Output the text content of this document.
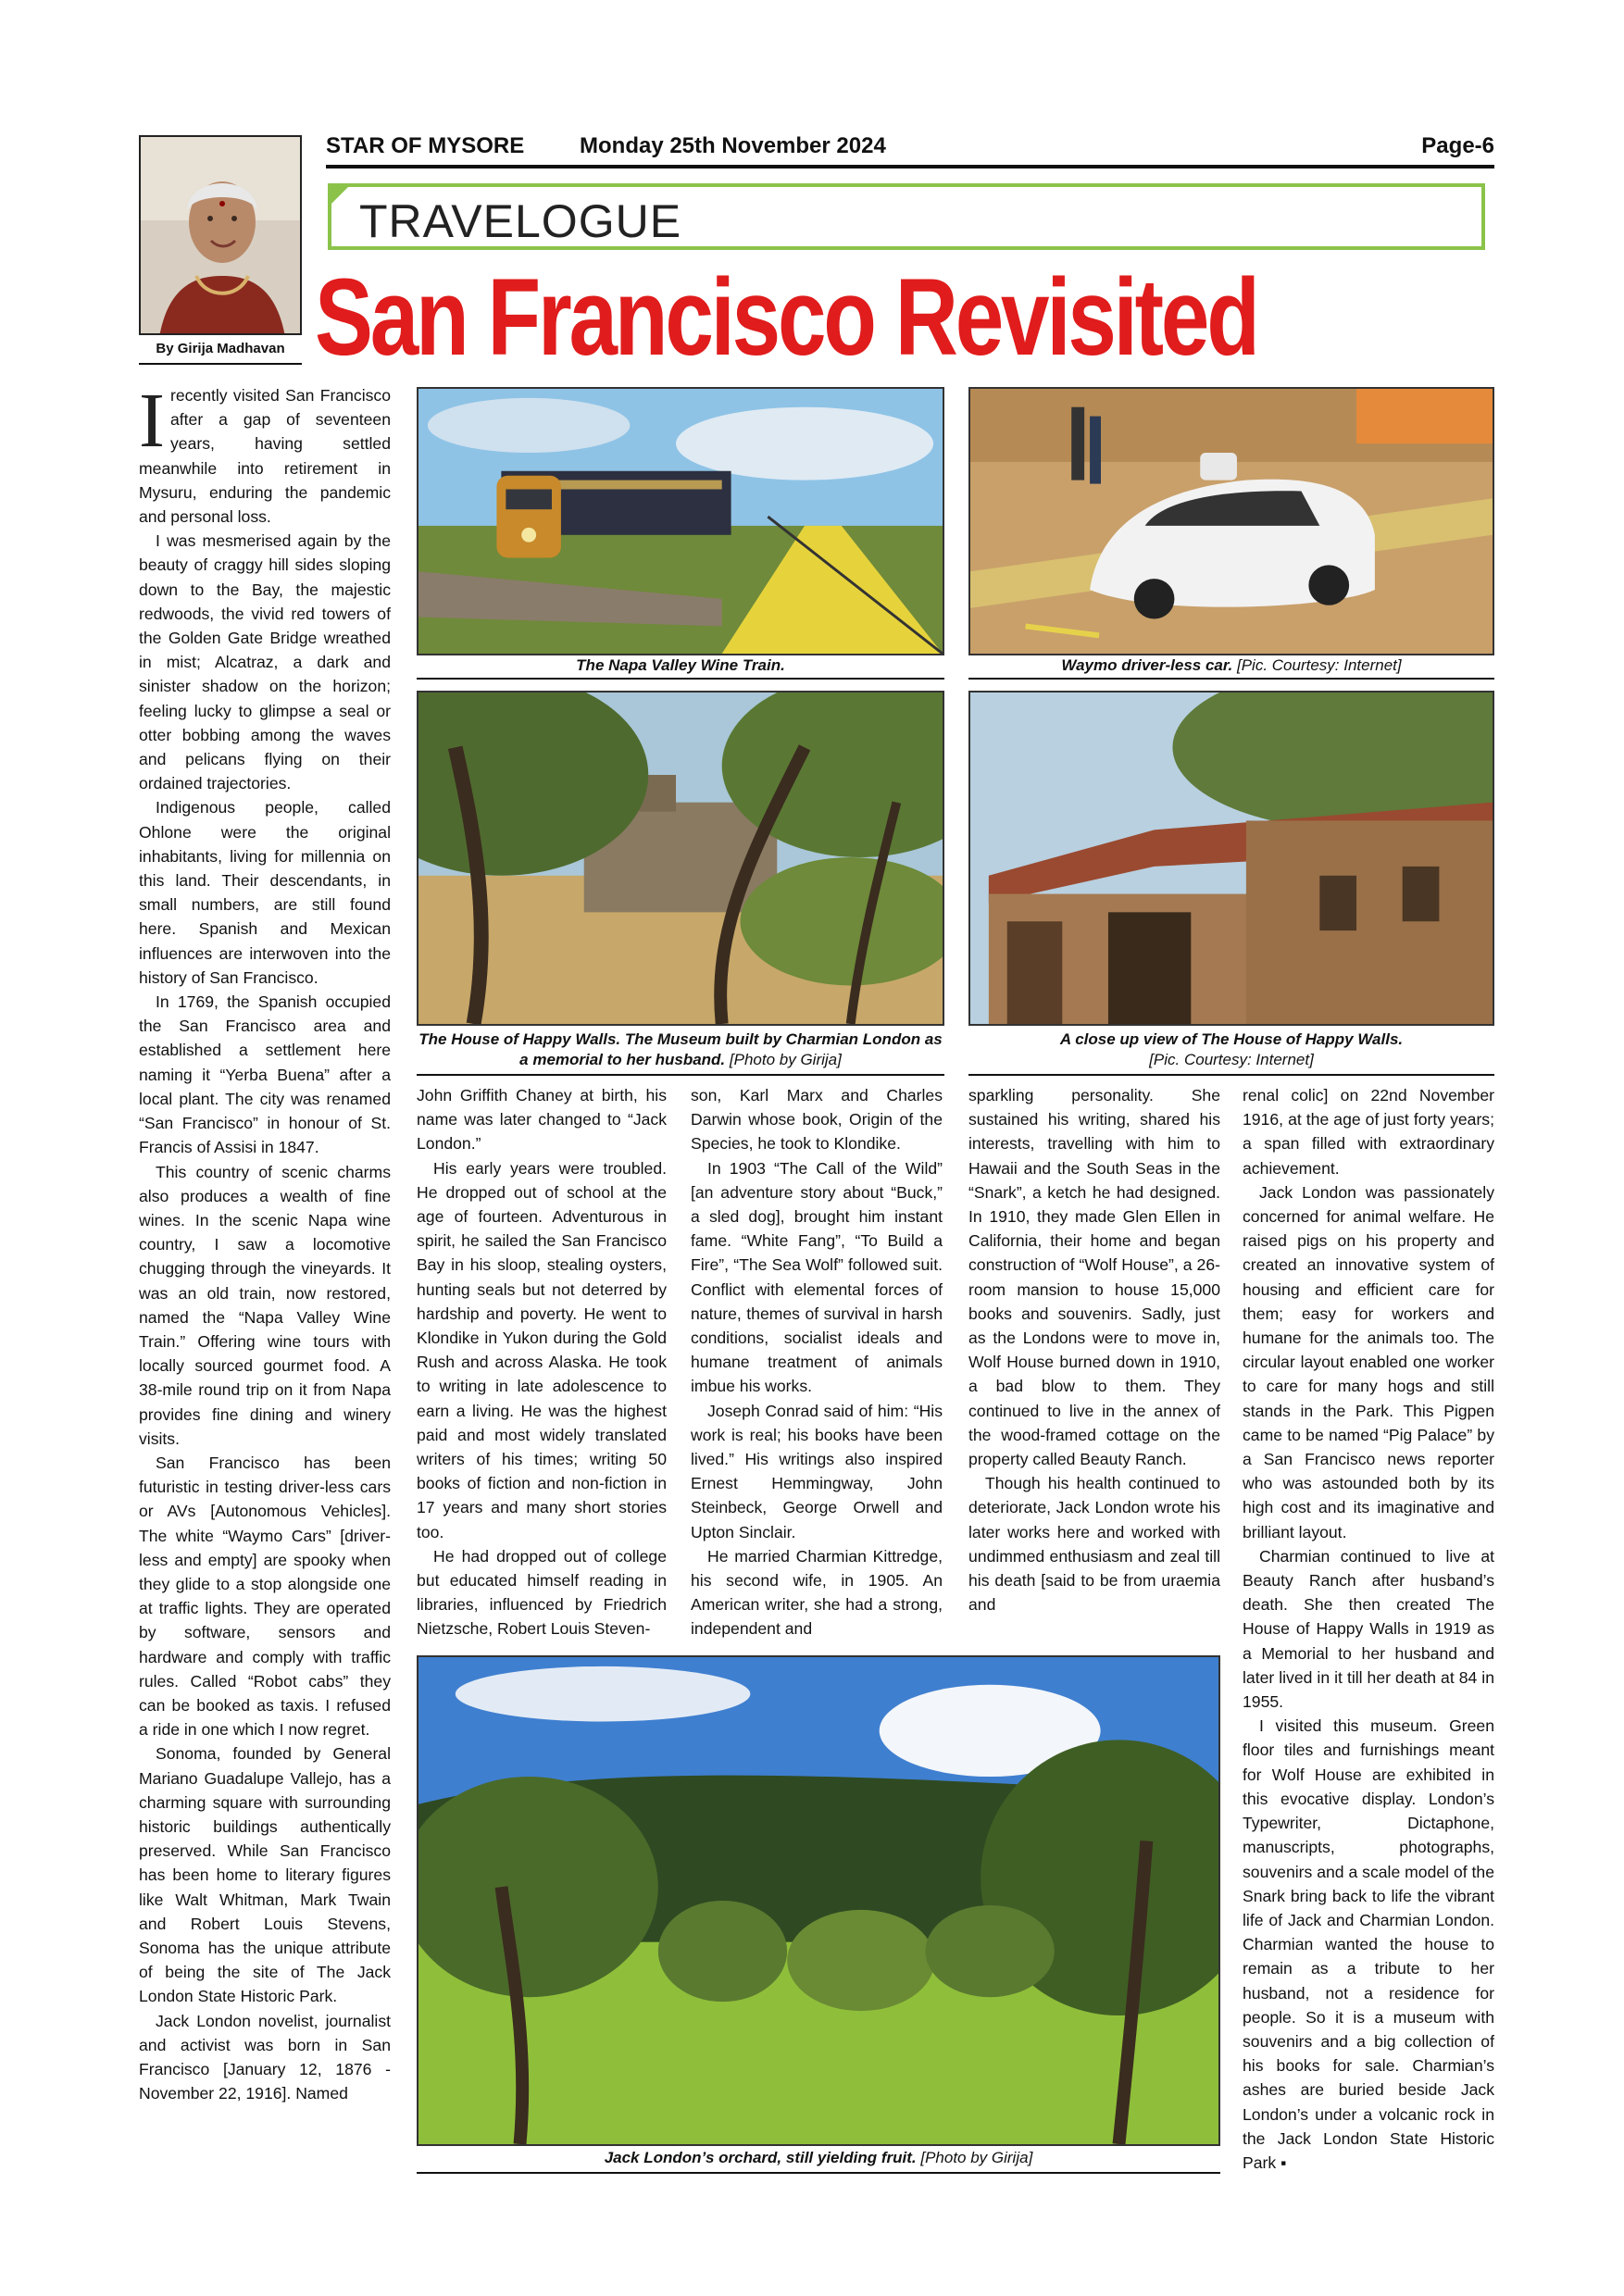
STAR OF MYSORE Monday 25th November 2024	Page-6
TRAVELOGUE
San Francisco Revisited
By Girija Madhavan
The Napa Valley Wine Train.	Waymo driver-less car. [Pic. Courtesy: Internet]
The House of Happy Walls. The Museum built by Charmian London as a memorial to her husband. [Photo by Girija]
A close up view of The House of Happy Walls.
[Pic. Courtesy: Internet]
Jack London’s orchard, still yielding fruit. [Photo by Girija]

Irecently visited San Francisco after a gap of seventeen years, having settled meanwhile into retirement in Mysuru, enduring the pandemic and personal loss.

I was mesmerised again by the beauty of craggy hill sides sloping down to the Bay, the majestic redwoods, the vivid red towers of the Golden Gate Bridge wreathed in mist; Alcatraz, a dark and sinister shadow on the horizon; feeling lucky to glimpse a seal or otter bobbing among the waves and pelicans flying on their ordained trajectories.

Indigenous people, called Ohlone were the original inhabitants, living for millennia on this land. Their descendants, in small numbers, are still found here. Spanish and Mexican influences are interwoven into the history of San Francisco.

In 1769, the Spanish occupied the San Francisco area and established a settlement here naming it “Yerba Buena” after a local plant. The city was renamed “San Francisco” in honour of St. Francis of Assisi in 1847.

This country of scenic charms also produces a wealth of fine wines. In the scenic Napa wine country, I saw a locomotive chugging through the vineyards. It was an old train, now restored, named the “Napa Valley Wine Train.” Offering wine tours with locally sourced gourmet food. A 38-mile round trip on it from Napa provides fine dining and winery visits.

San Francisco has been futuristic in testing driver-less cars or AVs [Autonomous Vehicles]. The white “Waymo Cars” [driver-less and empty] are spooky when they glide to a stop alongside one at traffic lights. They are operated by software, sensors and hardware and comply with traffic rules. Called “Robot cabs” they can be booked as taxis. I refused a ride in one which I now regret.

Sonoma, founded by General Mariano Guadalupe Vallejo, has a charming square with surrounding historic buildings authentically preserved. While San Francisco has been home to literary figures like Walt Whitman, Mark Twain and Robert Louis Stevens, Sonoma has the unique attribute of being the site of The Jack London State Historic Park.

Jack London novelist, journalist and activist was born in San Francisco [January 12, 1876 - November 22, 1916]. Named

John Griffith Chaney at birth, his name was later changed to “Jack London.”

His early years were troubled. He dropped out of school at the age of fourteen. Adventurous in spirit, he sailed the San Francisco Bay in his sloop, stealing oysters, hunting seals but not deterred by hardship and poverty. He went to Klondike in Yukon during the Gold Rush and across Alaska. He took to writing in late adolescence to earn a living. He was the highest paid and most widely translated writers of his times; writing 50 books of fiction and non-fiction in 17 years and many short stories too.

He had dropped out of college but educated himself reading in libraries, influenced by Friedrich Nietzsche, Robert Louis Steven-

son, Karl Marx and Charles Darwin whose book, Origin of the Species, he took to Klondike.

In 1903 “The Call of the Wild” [an adventure story about “Buck,” a sled dog], brought him instant fame. “White Fang”, “To Build a Fire”, “The Sea Wolf” followed suit. Conflict with elemental forces of nature, themes of survival in harsh conditions, socialist ideals and humane treatment of animals imbue his works.

Joseph Conrad said of him: “His work is real; his books have been lived.” His writings also inspired Ernest Hemmingway, John Steinbeck, George Orwell and Upton Sinclair.

He married Charmian Kittredge, his second wife, in 1905. An American writer, she had a strong, independent and

sparkling personality. She sustained his writing, shared his interests, travelling with him to Hawaii and the South Seas in the “Snark”, a ketch he had designed. In 1910, they made Glen Ellen in California, their home and began construction of “Wolf House”, a 26-room mansion to house 15,000 books and souvenirs. Sadly, just as the Londons were to move in, Wolf House burned down in 1910, a bad blow to them. They continued to live in the annex of the wood-framed cottage on the property called Beauty Ranch.

Though his health continued to deteriorate, Jack London wrote his later works here and worked with undimmed enthusiasm and zeal till his death [said to be from uraemia and

renal colic] on 22nd November 1916, at the age of just forty years; a span filled with extraordinary achievement.

Jack London was passionately concerned for animal welfare. He raised pigs on his property and created an innovative system of housing and efficient care for them; easy for workers and humane for the animals too. The circular layout enabled one worker to care for many hogs and still stands in the Park. This Pigpen came to be named “Pig Palace” by a San Francisco news reporter who was astounded both by its high cost and its imaginative and brilliant layout.

Charmian continued to live at Beauty Ranch after husband’s death. She then created The House of Happy Walls in 1919 as a Memorial to her husband and later lived in it till her death at 84 in 1955.

I visited this museum. Green floor tiles and furnishings meant for Wolf House are exhibited in this evocative display. London’s Typewriter, Dictaphone, manuscripts, photographs, souvenirs and a scale model of the Snark bring back to life the vibrant life of Jack and Charmian London. Charmian wanted the house to remain as a tribute to her husband, not a residence for people. So it is a museum with souvenirs and a big collection of his books for sale. Charmian’s ashes are buried beside Jack London’s under a volcanic rock in the Jack London State Historic Park ▪
